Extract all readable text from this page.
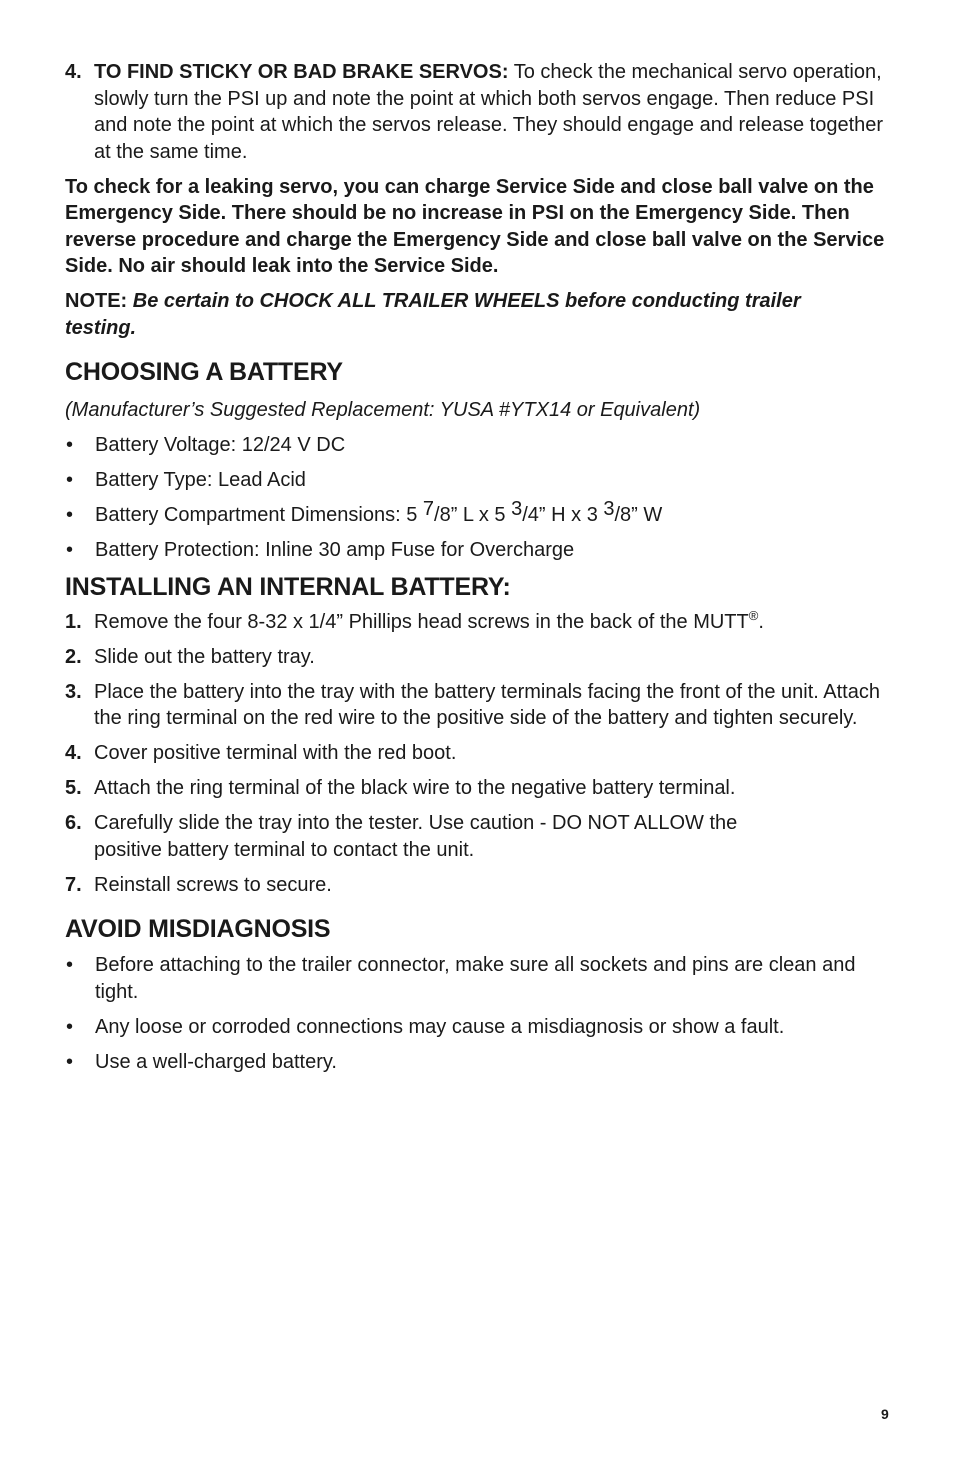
4. TO FIND STICKY OR BAD BRAKE SERVOS: To check the mechanical servo operation, slowly turn the PSI up and note the point at which both servos engage. Then reduce PSI and note the point at which the servos release. They should engage and release together at the same time.

To check for a leaking servo, you can charge Service Side and close ball valve on the Emergency Side. There should be no increase in PSI on the Emergency Side. Then reverse procedure and charge the Emergency Side and close ball valve on the Service Side. No air should leak into the Service Side.

NOTE: Be certain to CHOCK ALL TRAILER WHEELS before conducting trailer testing.

CHOOSING A BATTERY

(Manufacturer’s Suggested Replacement: YUSA #YTX14 or Equivalent)

•	Battery Voltage: 12/24 V DC
•	Battery Type: Lead Acid
•	Battery Compartment Dimensions: 5 $^7$/8” L x 5 $^3$/4” H x 3 $^3$/8” W
•	Battery Protection: Inline 30 amp Fuse for Overcharge
INSTALLING AN INTERNAL BATTERY:
1. Remove the four 8-32 x 1/4” Phillips head screws in the back of the MUTT®.
2. Slide out the battery tray.
3. Place the battery into the tray with the battery terminals facing the front of the unit. Attach the ring terminal on the red wire to the positive side of the battery and tighten securely.
4. Cover positive terminal with the red boot.
5. Attach the ring terminal of the black wire to the negative battery terminal.
6. Carefully slide the tray into the tester. Use caution - DO NOT ALLOW the positive battery terminal to contact the unit.
7. Reinstall screws to secure.
AVOID MISDIAGNOSIS
•	Before attaching to the trailer connector, make sure all sockets and pins are clean and tight.
•	Any loose or corroded connections may cause a misdiagnosis or show a fault.
•	Use a well-charged battery.
9
